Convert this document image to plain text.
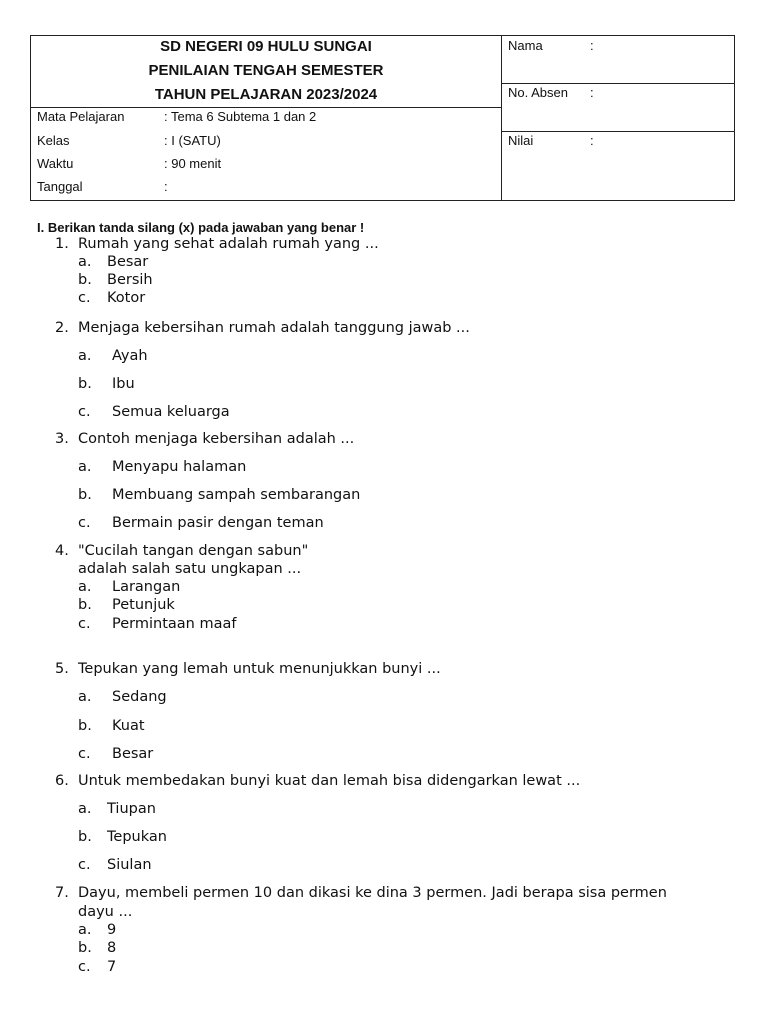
SD NEGERI 09 HULU SUNGAI
PENILAIAN TENGAH SEMESTER
TAHUN PELAJARAN 2023/2024
Mata Pelajaran	: Tema 6 Subtema 1 dan 2
Kelas	: I (SATU)
Waktu	: 90 menit
Tanggal	:
Nama	:
No. Absen :
Nilai	:
I. Berikan tanda silang (x) pada jawaban yang benar !
1. Rumah yang sehat adalah rumah yang ...
a. Besar
b. Bersih
c. Kotor
2. Menjaga kebersihan rumah adalah tanggung jawab ...
a. Ayah
b. Ibu
c. Semua keluarga
3. Contoh menjaga kebersihan adalah ...
a. Menyapu halaman
b. Membuang sampah sembarangan
c. Bermain pasir dengan teman
4. "Cucilah tangan dengan sabun"
adalah salah satu ungkapan ...
a. Larangan
b. Petunjuk
c. Permintaan maaf
5. Tepukan yang lemah untuk menunjukkan bunyi ...
a. Sedang
b. Kuat
c. Besar
6. Untuk membedakan bunyi kuat dan lemah bisa didengarkan lewat ...
a. Tiupan
b. Tepukan
c. Siulan
7. Dayu, membeli permen 10 dan dikasi ke dina 3 permen. Jadi berapa sisa permen
dayu ...
a. 9
b. 8
c. 7
